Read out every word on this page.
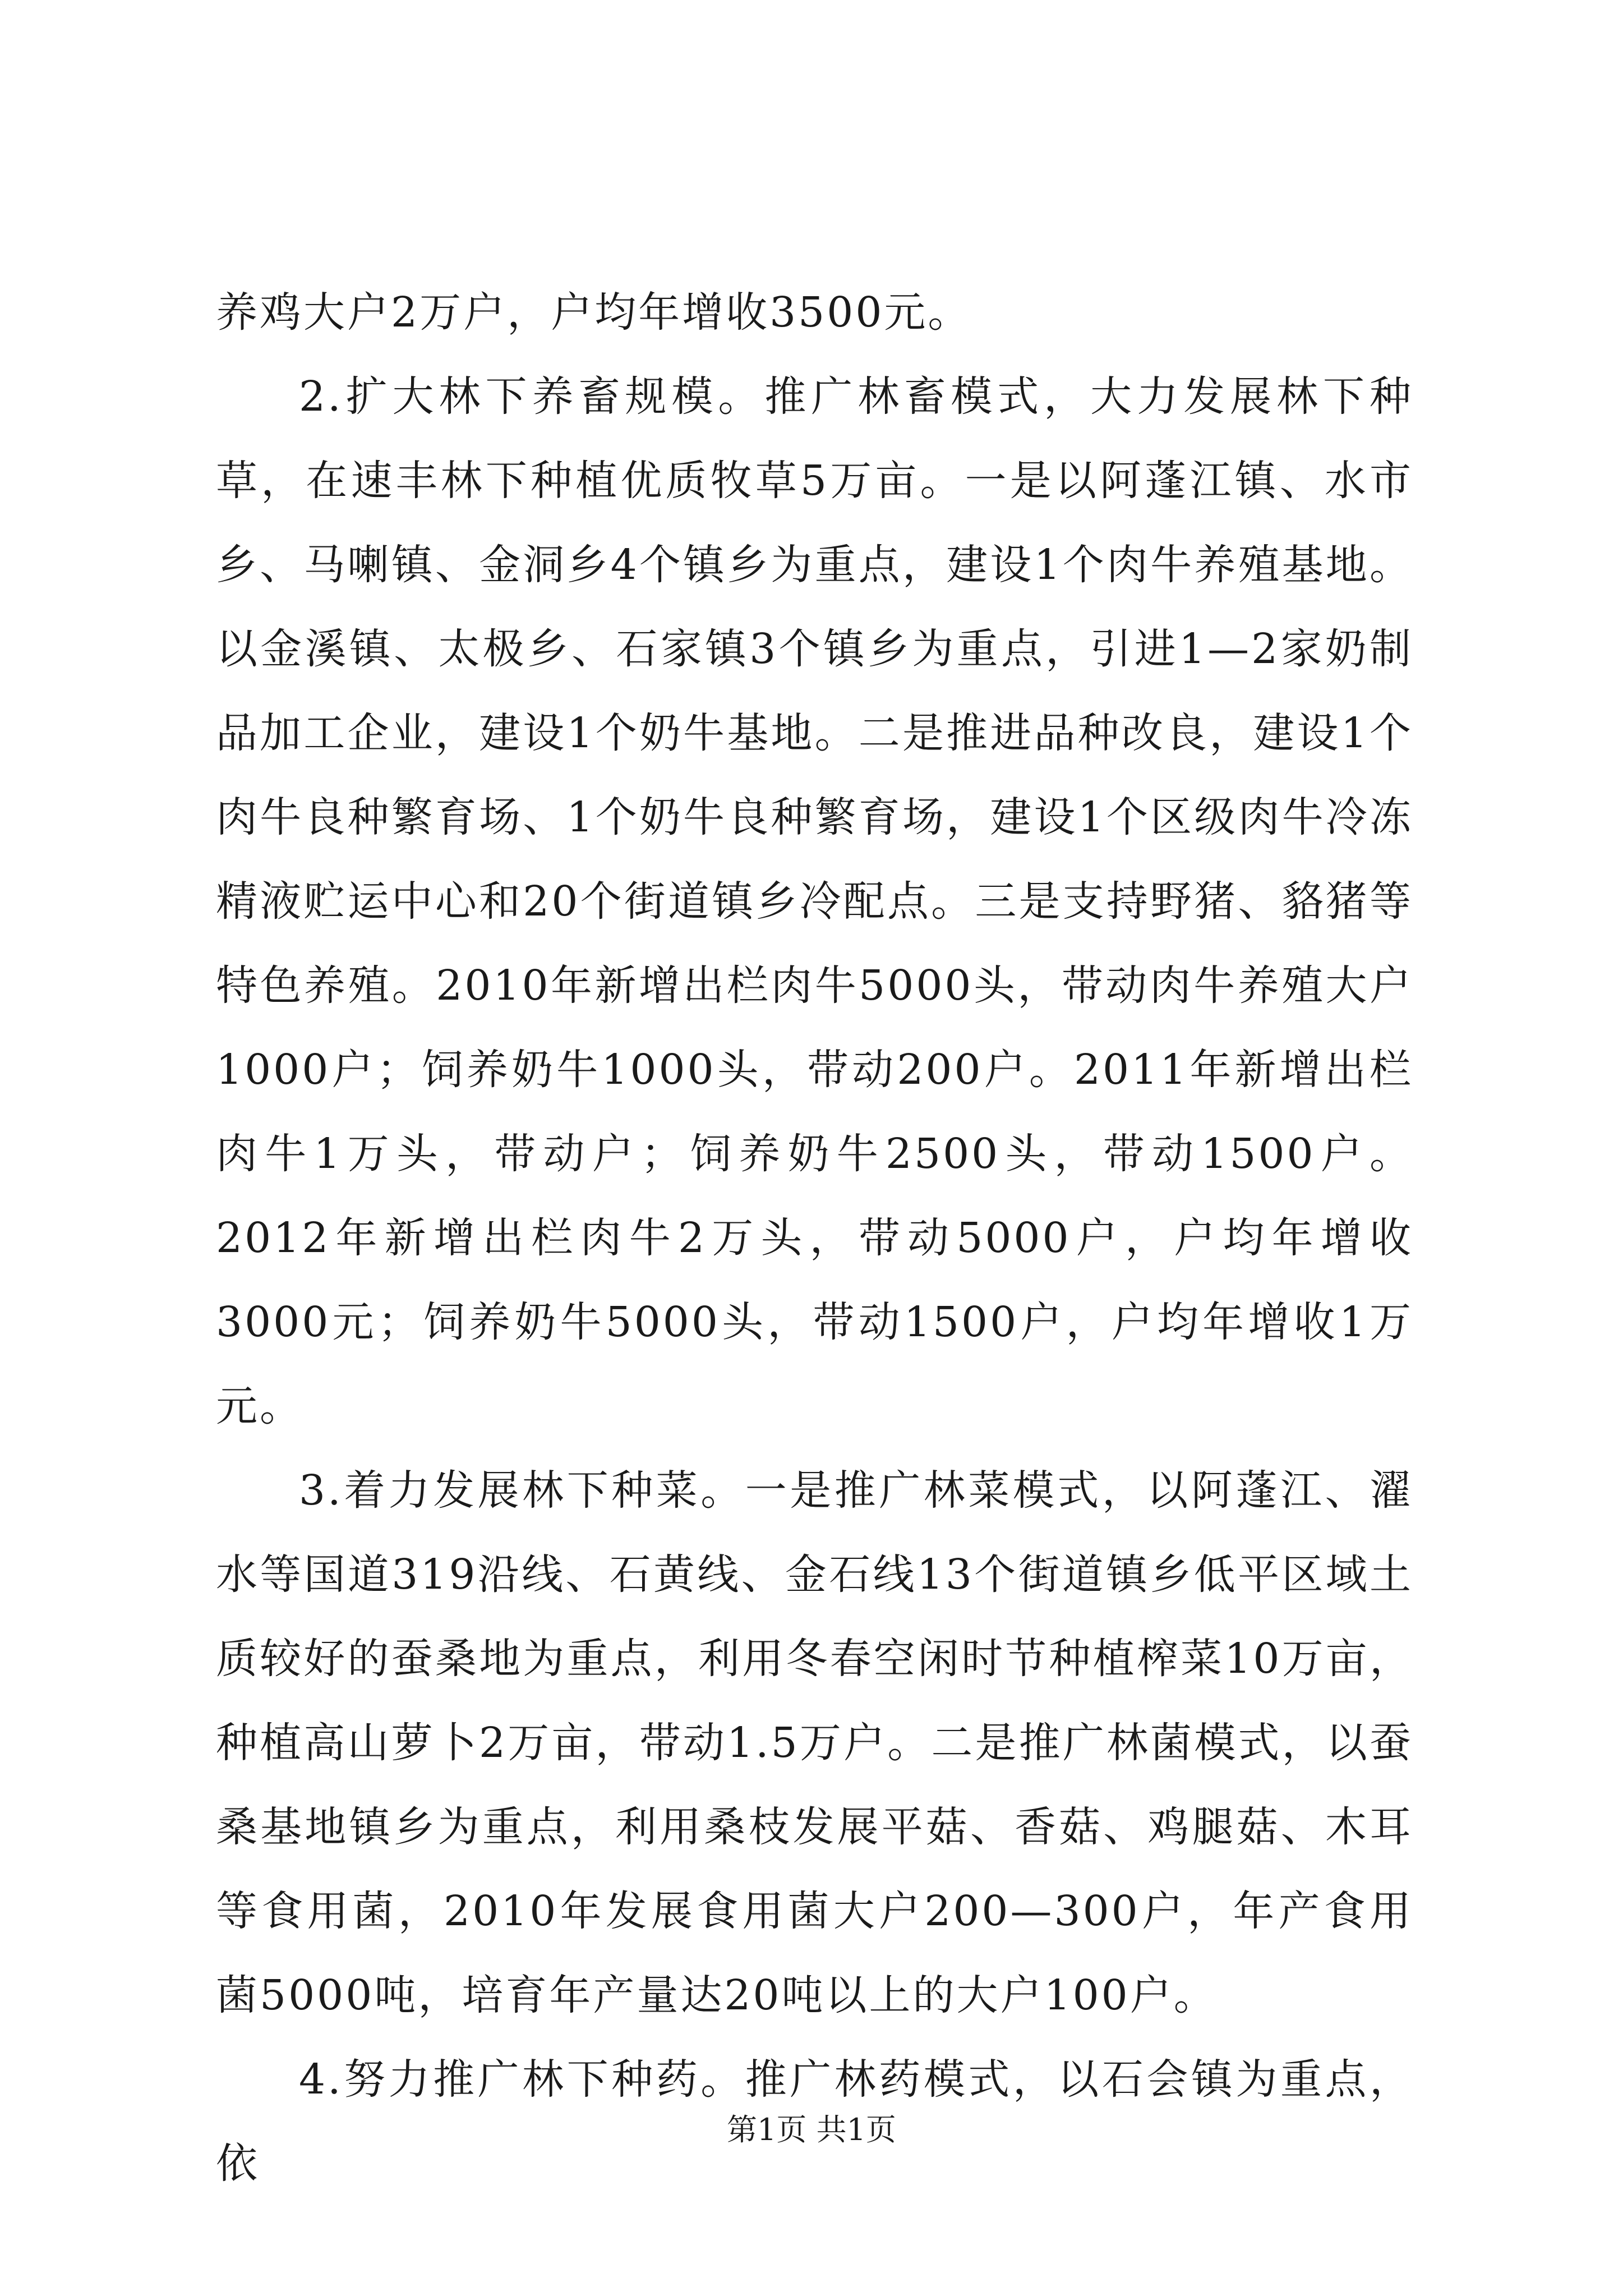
养鸡大户2万户，户均年增收3500元。

2.扩大林下养畜规模。推广林畜模式，大力发展林下种草，在速丰林下种植优质牧草5万亩。一是以阿蓬江镇、水市乡、马喇镇、金洞乡4个镇乡为重点，建设1个肉牛养殖基地。以金溪镇、太极乡、石家镇3个镇乡为重点，引进1—2家奶制品加工企业，建设1个奶牛基地。二是推进品种改良，建设1个肉牛良种繁育场、1个奶牛良种繁育场，建设1个区级肉牛冷冻精液贮运中心和20个街道镇乡冷配点。三是支持野猪、貉猪等特色养殖。2010年新增出栏肉牛5000头，带动肉牛养殖大户1000户；饲养奶牛1000头，带动200户。2011年新增出栏肉牛1万头，带动户；饲养奶牛2500头，带动1500户。2012年新增出栏肉牛2万头，带动5000户，户均年增收3000元；饲养奶牛5000头，带动1500户，户均年增收1万元。

3.着力发展林下种菜。一是推广林菜模式，以阿蓬江、濯水等国道319沿线、石黄线、金石线13个街道镇乡低平区域土质较好的蚕桑地为重点，利用冬春空闲时节种植榨菜10万亩，种植高山萝卜2万亩，带动1.5万户。二是推广林菌模式，以蚕桑基地镇乡为重点，利用桑枝发展平菇、香菇、鸡腿菇、木耳等食用菌，2010年发展食用菌大户200—300户，年产食用菌5000吨，培育年产量达20吨以上的大户100户。

4.努力推广林下种药。推广林药模式，以石会镇为重点，依

第1页 共1页
